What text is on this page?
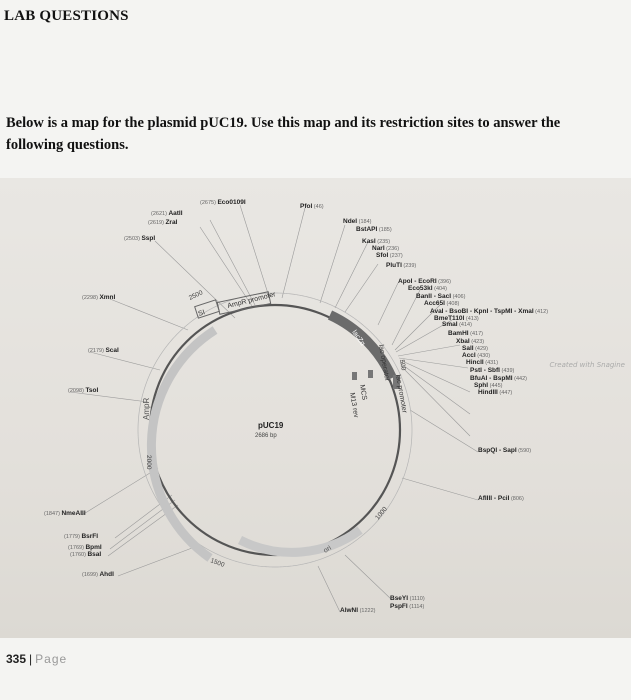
LAB QUESTIONS
Below is a map for the plasmid pUC19. Use this map and its restriction sites to answer the following questions.
Created with Snagine
AmpR promoter
SI
AmpR
lacZα
lac operator
lac promoter
MCS
M13 rev
ori
2500
2000
1500
1000
500
pUC19
2686 bp
(2675) Eco0109I
(2621) AatII
(2619) ZraI
(2503) SspI
(2298) XmnI
(2179) ScaI
(2098) TsoI
(1847) NmeAIII
(1779) BsrFI
(1769) BpmI
(1760) BsaI
(1699) AhdI
PfoI (46)
NdeI (184)
BstAPI (185)
KasI (235)
NarI (236)
SfoI (237)
PluTI (239)
ApoI - EcoRI (396)
Eco53kI (404)
BanII - SacI (406)
Acc65I (408)
AvaI - BsoBI - KpnI - TspMI - XmaI (412)
BmeT110I (413)
SmaI (414)
BamHI (417)
XbaI (423)
SalI (429)
AccI (430)
HincII (431)
PstI - SbfI (439)
BfuAI - BspMI (442)
SphI (445)
HindIII (447)
BspQI - SapI (590)
AflIII - PciI (806)
BseYI (1110)
PspFI (1114)
AlwNI (1222)
335 | Page
